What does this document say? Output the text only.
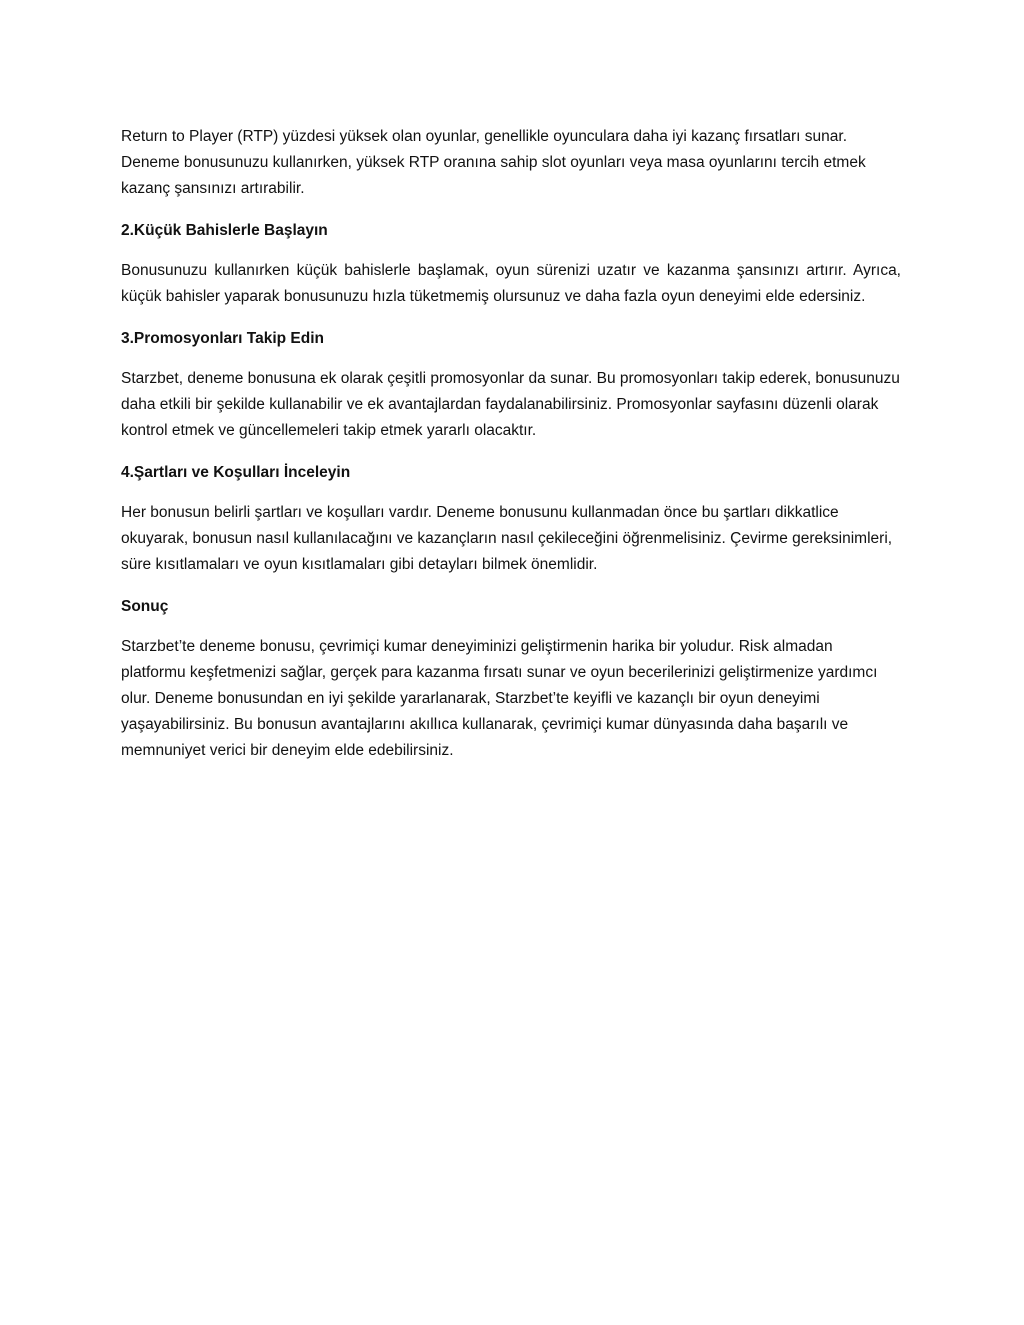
Return to Player (RTP) yüzdesi yüksek olan oyunlar, genellikle oyunculara daha iyi kazanç fırsatları sunar. Deneme bonusunuzu kullanırken, yüksek RTP oranına sahip slot oyunları veya masa oyunlarını tercih etmek kazanç şansınızı artırabilir.

2.Küçük Bahislerle Başlayın

Bonusunuzu kullanırken küçük bahislerle başlamak, oyun sürenizi uzatır ve kazanma şansınızı artırır. Ayrıca, küçük bahisler yaparak bonusunuzu hızla tüketmemiş olursunuz ve daha fazla oyun deneyimi elde edersiniz.

3.Promosyonları Takip Edin

Starzbet, deneme bonusuna ek olarak çeşitli promosyonlar da sunar. Bu promosyonları takip ederek, bonusunuzu daha etkili bir şekilde kullanabilir ve ek avantajlardan faydalanabilirsiniz. Promosyonlar sayfasını düzenli olarak kontrol etmek ve güncellemeleri takip etmek yararlı olacaktır.

4.Şartları ve Koşulları İnceleyin

Her bonusun belirli şartları ve koşulları vardır. Deneme bonusunu kullanmadan önce bu şartları dikkatlice okuyarak, bonusun nasıl kullanılacağını ve kazançların nasıl çekileceğini öğrenmelisiniz. Çevirme gereksinimleri, süre kısıtlamaları ve oyun kısıtlamaları gibi detayları bilmek önemlidir.

Sonuç

Starzbet’te deneme bonusu, çevrimiçi kumar deneyiminizi geliştirmenin harika bir yoludur. Risk almadan platformu keşfetmenizi sağlar, gerçek para kazanma fırsatı sunar ve oyun becerilerinizi geliştirmenize yardımcı olur. Deneme bonusundan en iyi şekilde yararlanarak, Starzbet’te keyifli ve kazançlı bir oyun deneyimi yaşayabilirsiniz. Bu bonusun avantajlarını akıllıca kullanarak, çevrimiçi kumar dünyasında daha başarılı ve memnuniyet verici bir deneyim elde edebilirsiniz.
